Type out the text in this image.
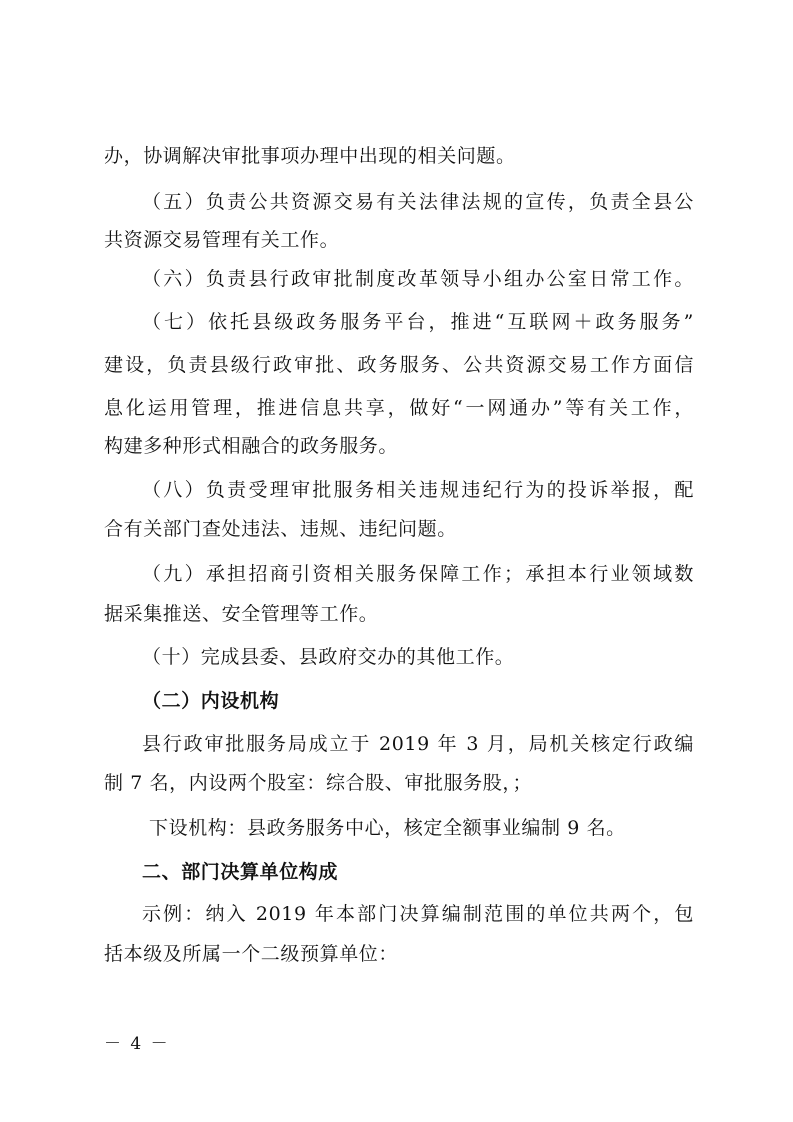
办，协调解决审批事项办理中出现的相关问题。

（五）负责公共资源交易有关法律法规的宣传，负责全县公

共资源交易管理有关工作。

（六）负责县行政审批制度改革领导小组办公室日常工作。

（七）依托县级政务服务平台，推进“互联网＋政务服务”

建设，负责县级行政审批、政务服务、公共资源交易工作方面信

息化运用管理，推进信息共享，做好“一网通办”等有关工作，

构建多种形式相融合的政务服务。

（八）负责受理审批服务相关违规违纪行为的投诉举报，配

合有关部门查处违法、违规、违纪问题。

（九）承担招商引资相关服务保障工作；承担本行业领域数

据采集推送、安全管理等工作。

（十）完成县委、县政府交办的其他工作。

（二）内设机构

县行政审批服务局成立于 2019 年 3 月，局机关核定行政编

制 7 名，内设两个股室：综合股、审批服务股，；

下设机构：县政务服务中心，核定全额事业编制 9 名。

二、部门决算单位构成

示例：纳入 2019 年本部门决算编制范围的单位共两个，包

括本级及所属一个二级预算单位：

－ 4 －
